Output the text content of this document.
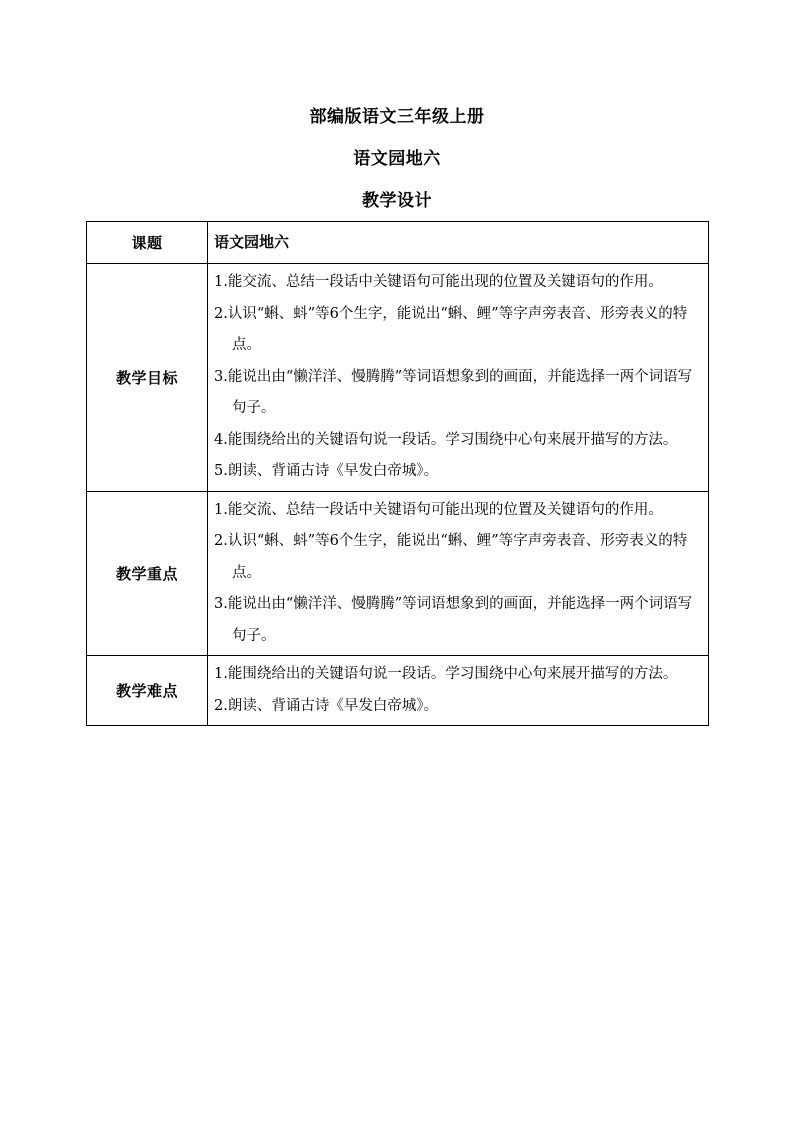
部编版语文三年级上册
语文园地六
教学设计
课题	语文园地六
教学目标	1.能交流、总结一段话中关键语句可能出现的位置及关键语句的作用。
2.认识“蝌、蚪”等6个生字，能说出“蝌、鲤”等字声旁表音、形旁表义的特点。
3.能说出由“懒洋洋、慢腾腾”等词语想象到的画面，并能选择一两个词语写句子。
4.能围绕给出的关键语句说一段话。学习围绕中心句来展开描写的方法。
5.朗读、背诵古诗《早发白帝城》。

教学重点	1.能交流、总结一段话中关键语句可能出现的位置及关键语句的作用。
2.认识“蝌、蚪”等6个生字，能说出“蝌、鲤”等字声旁表音、形旁表义的特点。
3.能说出由“懒洋洋、慢腾腾”等词语想象到的画面，并能选择一两个词语写句子。

教学难点	1.能围绕给出的关键语句说一段话。学习围绕中心句来展开描写的方法。
2.朗读、背诵古诗《早发白帝城》。
